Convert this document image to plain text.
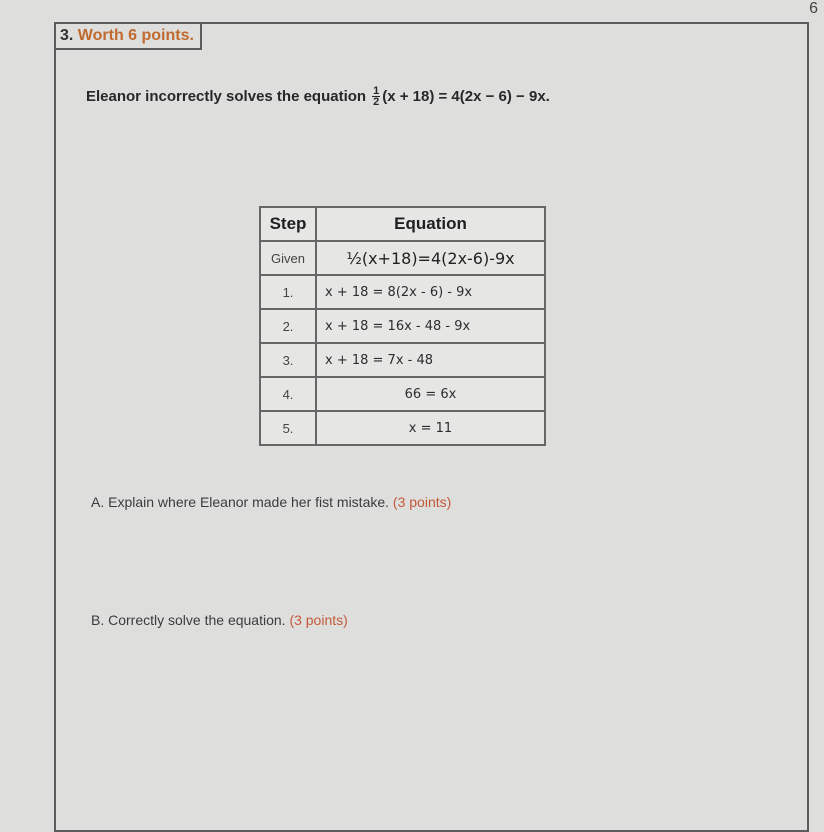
6
3. Worth 6 points.
Eleanor incorrectly solves the equation $\frac{1}{2} (x + 18) = 4(2x - 6) - 9x$.
Step	Equation
Given	½(x+18)=4(2x-6)-9x
1.	x + 18 = 8(2x - 6) - 9x
2.	x + 18 = 16x - 48 - 9x
3.	x + 18 = 7x - 48
4.	66 = 6x
5.	x = 11
A. Explain where Eleanor made her fist mistake. (3 points)
B. Correctly solve the equation. (3 points)
